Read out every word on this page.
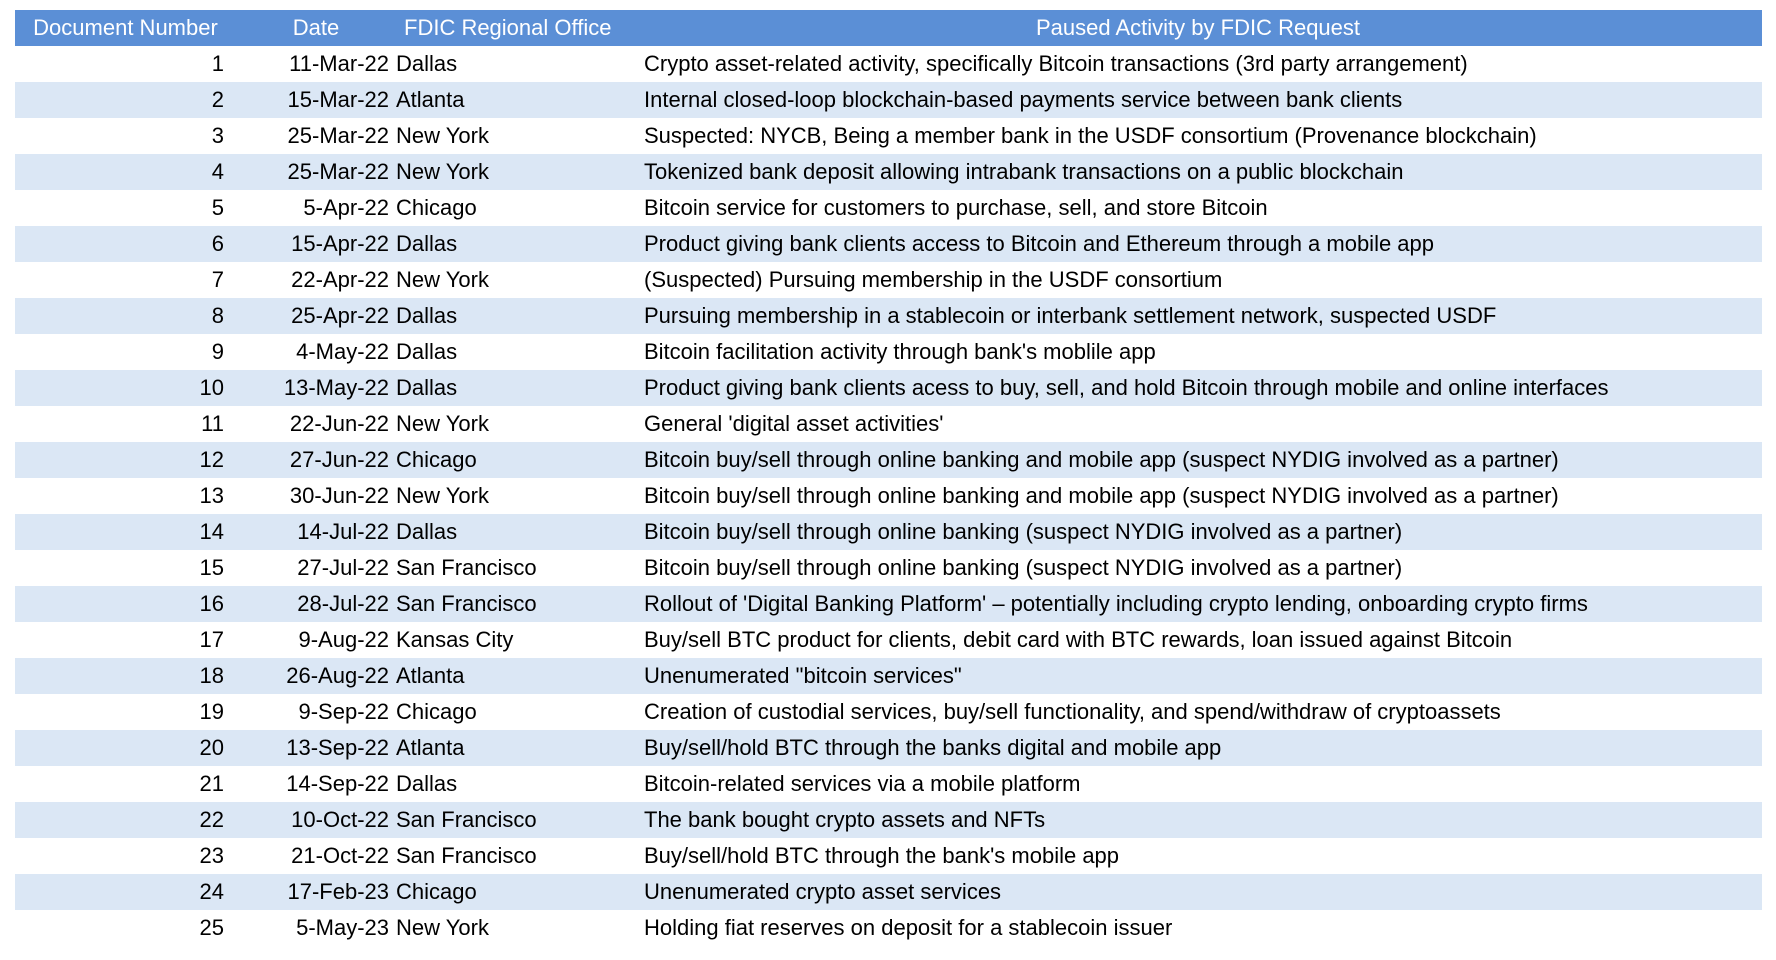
Document Number	Date	FDIC Regional Office	Paused Activity by FDIC Request
1	11-Mar-22	Dallas	Crypto asset-related activity, specifically Bitcoin transactions (3rd party arrangement)
2	15-Mar-22	Atlanta	Internal closed-loop blockchain-based payments service between bank clients
3	25-Mar-22	New York	Suspected: NYCB, Being a member bank in the USDF consortium (Provenance blockchain)
4	25-Mar-22	New York	Tokenized bank deposit allowing intrabank transactions on a public blockchain
5	5-Apr-22	Chicago	Bitcoin service for customers to purchase, sell, and store Bitcoin
6	15-Apr-22	Dallas	Product giving bank clients access to Bitcoin and Ethereum through a mobile app
7	22-Apr-22	New York	(Suspected) Pursuing membership in the USDF consortium
8	25-Apr-22	Dallas	Pursuing membership in a stablecoin or interbank settlement network, suspected USDF
9	4-May-22	Dallas	Bitcoin facilitation activity through bank's moblile app
10	13-May-22	Dallas	Product giving bank clients acess to buy, sell, and hold Bitcoin through mobile and online interfaces
11	22-Jun-22	New York	General 'digital asset activities'
12	27-Jun-22	Chicago	Bitcoin buy/sell through online banking and mobile app (suspect NYDIG involved as a partner)
13	30-Jun-22	New York	Bitcoin buy/sell through online banking and mobile app (suspect NYDIG involved as a partner)
14	14-Jul-22	Dallas	Bitcoin buy/sell through online banking (suspect NYDIG involved as a partner)
15	27-Jul-22	San Francisco	Bitcoin buy/sell through online banking (suspect NYDIG involved as a partner)
16	28-Jul-22	San Francisco	Rollout of 'Digital Banking Platform' – potentially including crypto lending, onboarding crypto firms
17	9-Aug-22	Kansas City	Buy/sell BTC product for clients, debit card with BTC rewards, loan issued against Bitcoin
18	26-Aug-22	Atlanta	Unenumerated "bitcoin services"
19	9-Sep-22	Chicago	Creation of custodial services, buy/sell functionality, and spend/withdraw of cryptoassets
20	13-Sep-22	Atlanta	Buy/sell/hold BTC through the banks digital and mobile app
21	14-Sep-22	Dallas	Bitcoin-related services via a mobile platform
22	10-Oct-22	San Francisco	The bank bought crypto assets and NFTs
23	21-Oct-22	San Francisco	Buy/sell/hold BTC through the bank's mobile app
24	17-Feb-23	Chicago	Unenumerated crypto asset services
25	5-May-23	New York	Holding fiat reserves on deposit for a stablecoin issuer
